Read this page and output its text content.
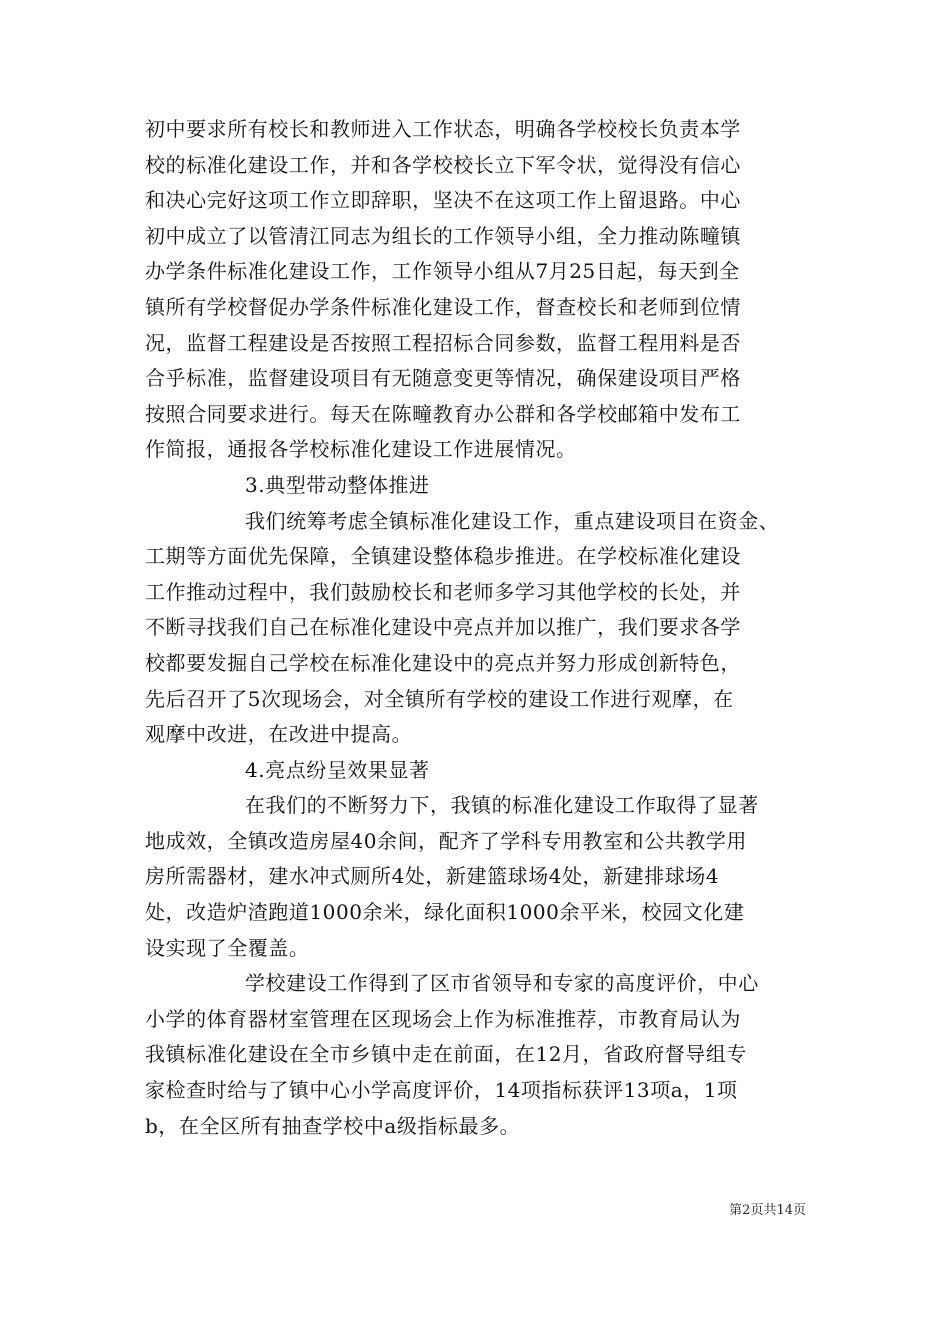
初中要求所有校长和教师进入工作状态，明确各学校校长负责本学
校的标准化建设工作，并和各学校校长立下军令状，觉得没有信心
和决心完好这项工作立即辞职，坚决不在这项工作上留退路。中心
初中成立了以管清江同志为组长的工作领导小组，全力推动陈疃镇
办学条件标准化建设工作，工作领导小组从7月25日起，每天到全
镇所有学校督促办学条件标准化建设工作，督查校长和老师到位情
况，监督工程建设是否按照工程招标合同参数，监督工程用料是否
合乎标准，监督建设项目有无随意变更等情况，确保建设项目严格
按照合同要求进行。每天在陈疃教育办公群和各学校邮箱中发布工
作简报，通报各学校标准化建设工作进展情况。

3.典型带动整体推进

我们统筹考虑全镇标准化建设工作，重点建设项目在资金、
工期等方面优先保障，全镇建设整体稳步推进。在学校标准化建设
工作推动过程中，我们鼓励校长和老师多学习其他学校的长处，并
不断寻找我们自己在标准化建设中亮点并加以推广，我们要求各学
校都要发掘自己学校在标准化建设中的亮点并努力形成创新特色，
先后召开了5次现场会，对全镇所有学校的建设工作进行观摩，在
观摩中改进，在改进中提高。

4.亮点纷呈效果显著

在我们的不断努力下，我镇的标准化建设工作取得了显著
地成效，全镇改造房屋40余间，配齐了学科专用教室和公共教学用
房所需器材，建水冲式厕所4处，新建篮球场4处，新建排球场4
处，改造炉渣跑道1000余米，绿化面积1000余平米，校园文化建
设实现了全覆盖。

学校建设工作得到了区市省领导和专家的高度评价，中心
小学的体育器材室管理在区现场会上作为标准推荐，市教育局认为
我镇标准化建设在全市乡镇中走在前面，在12月，省政府督导组专
家检查时给与了镇中心小学高度评价，14项指标获评13项a，1项
b，在全区所有抽查学校中a级指标最多。

第2页共14页
